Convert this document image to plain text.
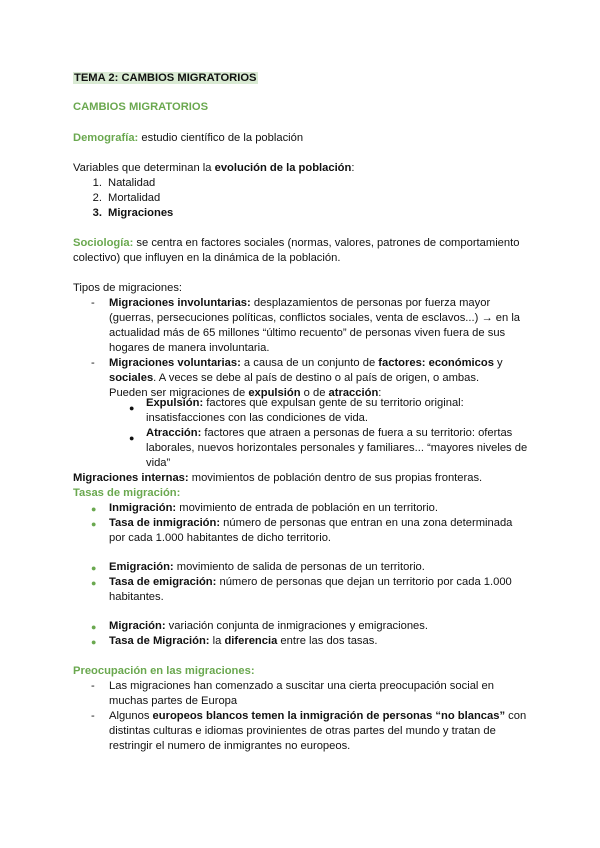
TEMA 2: CAMBIOS MIGRATORIOS
CAMBIOS MIGRATORIOS
Demografía: estudio científico de la población
Variables que determinan la evolución de la población:
1. Natalidad
2. Mortalidad
3. Migraciones
Sociología: se centra en factores sociales (normas, valores, patrones de comportamiento
colectivo) que influyen en la dinámica de la población.
Tipos de migraciones:
- Migraciones involuntarias: desplazamientos de personas por fuerza mayor
(guerras, persecuciones políticas, conflictos sociales, venta de esclavos...) → en la
actualidad más de 65 millones “último recuento” de personas viven fuera de sus
hogares de manera involuntaria.
- Migraciones voluntarias: a causa de un conjunto de factores: económicos y
sociales. A veces se debe al país de destino o al país de origen, o ambas.
Pueden ser migraciones de expulsión o de atracción:
● Expulsión: factores que expulsan gente de su territorio original:
insatisfacciones con las condiciones de vida.
● Atracción: factores que atraen a personas de fuera a su territorio: ofertas
laborales, nuevos horizontales personales y familiares... “mayores niveles de
vida”
Migraciones internas: movimientos de población dentro de sus propias fronteras.
Tasas de migración:
● Inmigración: movimiento de entrada de población en un territorio.
● Tasa de inmigración: número de personas que entran en una zona determinada
por cada 1.000 habitantes de dicho territorio.
● Emigración: movimiento de salida de personas de un territorio.
● Tasa de emigración: número de personas que dejan un territorio por cada 1.000
habitantes.
● Migración: variación conjunta de inmigraciones y emigraciones.
● Tasa de Migración: la diferencia entre las dos tasas.
Preocupación en las migraciones:
- Las migraciones han comenzado a suscitar una cierta preocupación social en
muchas partes de Europa
- Algunos europeos blancos temen la inmigración de personas “no blancas” con
distintas culturas e idiomas provinientes de otras partes del mundo y tratan de
restringir el numero de inmigrantes no europeos.
